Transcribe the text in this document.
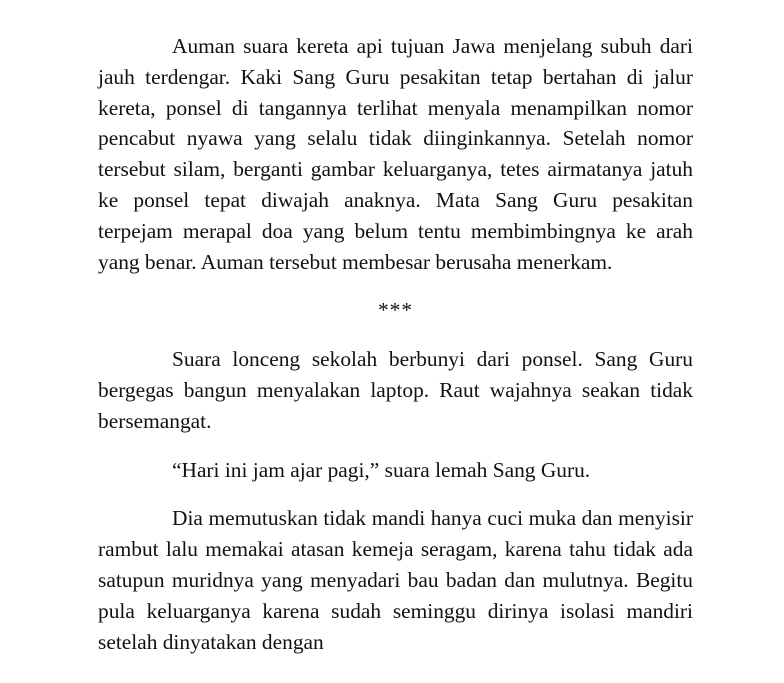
Auman suara kereta api tujuan Jawa menjelang subuh dari jauh terdengar. Kaki Sang Guru pesakitan tetap bertahan di jalur kereta, ponsel di tangannya terlihat menyala menampilkan nomor pencabut nyawa yang selalu tidak diinginkannya. Setelah nomor tersebut silam, berganti gambar keluarganya, tetes airmatanya jatuh ke ponsel tepat diwajah anaknya. Mata Sang Guru pesakitan terpejam merapal doa yang belum tentu membimbingnya ke arah yang benar. Auman tersebut membesar berusaha menerkam.

***

Suara lonceng sekolah berbunyi dari ponsel. Sang Guru bergegas bangun menyalakan laptop. Raut wajahnya seakan tidak bersemangat.

“Hari ini jam ajar pagi,” suara lemah Sang Guru.

Dia memutuskan tidak mandi hanya cuci muka dan menyisir rambut lalu memakai atasan kemeja seragam, karena tahu tidak ada satupun muridnya yang menyadari bau badan dan mulutnya. Begitu pula keluarganya karena sudah seminggu dirinya isolasi mandiri setelah dinyatakan dengan
